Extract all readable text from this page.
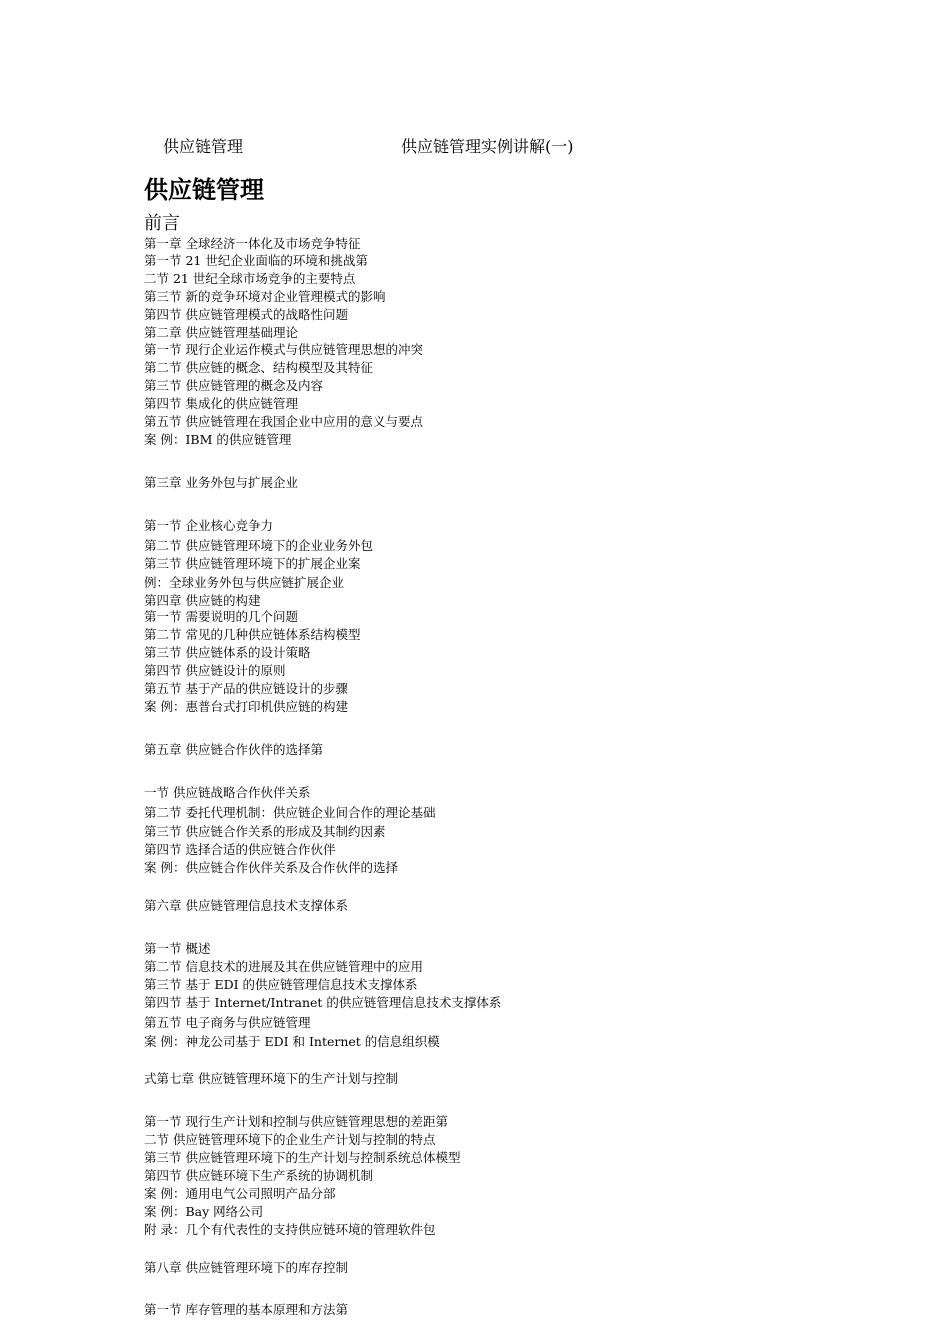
供应链管理	供应链管理实例讲解(一)
供应链管理
前言
第一章 全球经济一体化及市场竞争特征
第一节 21 世纪企业面临的环境和挑战第
二节 21 世纪全球市场竞争的主要特点
第三节 新的竞争环境对企业管理模式的影响
第四节 供应链管理模式的战略性问题
第二章 供应链管理基础理论
第一节 现行企业运作模式与供应链管理思想的冲突
第二节 供应链的概念、结构模型及其特征
第三节 供应链管理的概念及内容
第四节 集成化的供应链管理
第五节 供应链管理在我国企业中应用的意义与要点
案 例：IBM 的供应链管理
第三章 业务外包与扩展企业
第一节 企业核心竞争力
第二节 供应链管理环境下的企业业务外包
第三节 供应链管理环境下的扩展企业案
例：全球业务外包与供应链扩展企业
第四章 供应链的构建
第一节 需要说明的几个问题
第二节 常见的几种供应链体系结构模型
第三节 供应链体系的设计策略
第四节 供应链设计的原则
第五节 基于产品的供应链设计的步骤
案 例：惠普台式打印机供应链的构建
第五章 供应链合作伙伴的选择第
一节 供应链战略合作伙伴关系
第二节 委托代理机制：供应链企业间合作的理论基础
第三节 供应链合作关系的形成及其制约因素
第四节 选择合适的供应链合作伙伴
案 例：供应链合作伙伴关系及合作伙伴的选择
第六章 供应链管理信息技术支撑体系
第一节 概述
第二节 信息技术的进展及其在供应链管理中的应用
第三节 基于 EDI 的供应链管理信息技术支撑体系
第四节 基于 Internet/Intranet 的供应链管理信息技术支撑体系
第五节 电子商务与供应链管理
案 例：神龙公司基于 EDI 和 Internet 的信息组织模
式第七章 供应链管理环境下的生产计划与控制
第一节 现行生产计划和控制与供应链管理思想的差距第
二节 供应链管理环境下的企业生产计划与控制的特点
第三节 供应链管理环境下的生产计划与控制系统总体模型
第四节 供应链环境下生产系统的协调机制
案 例：通用电气公司照明产品分部
案 例：Bay 网络公司
附 录：几个有代表性的支持供应链环境的管理软件包
第八章 供应链管理环境下的库存控制
第一节 库存管理的基本原理和方法第
